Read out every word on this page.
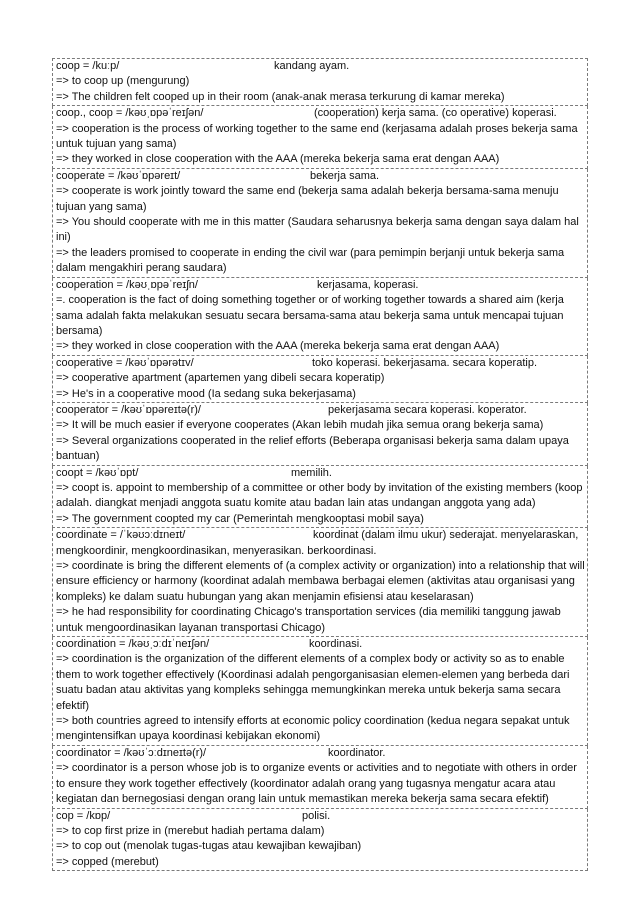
coop = /kuːp/	kandang ayam.
=> to coop up (mengurung)
=> The children felt cooped up in their room (anak-anak merasa terkurung di kamar mereka)
coop., coop = /kəʊˌɒpəˈreɪʃən/	(cooperation) kerja sama. (co operative) koperasi.
=> cooperation is the process of working together to the same end (kerjasama adalah proses bekerja sama untuk tujuan yang sama)
=> they worked in close cooperation with the AAA (mereka bekerja sama erat dengan AAA)
cooperate = /kəʊˈɒpəreɪt/	bekerja sama.
=> cooperate is work jointly toward the same end (bekerja sama adalah bekerja bersama-sama menuju tujuan yang sama)
=> You should cooperate with me in this matter (Saudara seharusnya bekerja sama dengan saya dalam hal ini)
=> the leaders promised to cooperate in ending the civil war (para pemimpin berjanji untuk bekerja sama dalam mengakhiri perang saudara)
cooperation = /kəʊˌɒpəˈreɪʃn/	kerjasama, koperasi.
=. cooperation is the fact of doing something together or of working together towards a shared aim (kerja sama adalah fakta melakukan sesuatu secara bersama-sama atau bekerja sama untuk mencapai tujuan bersama)
=> they worked in close cooperation with the AAA (mereka bekerja sama erat dengan AAA)
cooperative = /kəʊˈɒpərətɪv/	toko koperasi. bekerjasama. secara koperatip.
=> cooperative apartment (apartemen yang dibeli secara koperatip)
=> He's in a cooperative mood (Ia sedang suka bekerjasama)
cooperator = /kəʊˈɒpəreɪtə(r)/	pekerjasama secara koperasi. koperator.
=> It will be much easier if everyone cooperates (Akan lebih mudah jika semua orang bekerja sama)
=> Several organizations cooperated in the relief efforts (Beberapa organisasi bekerja sama dalam upaya bantuan)
coopt = /kəʊˈɒpt/	memilih.
=> coopt is. appoint to membership of a committee or other body by invitation of the existing members (koop adalah. diangkat menjadi anggota suatu komite atau badan lain atas undangan anggota yang ada)
=> The government coopted my car (Pemerintah mengkooptasi mobil saya)
coordinate = /ˈkəʊɔːdɪneɪt/	koordinat (dalam ilmu ukur) sederajat. menyelaraskan,
mengkoordinir, mengkoordinasikan, menyerasikan. berkoordinasi.
=> coordinate is bring the different elements of (a complex activity or organization) into a relationship that will ensure efficiency or harmony (koordinat adalah membawa berbagai elemen (aktivitas atau organisasi yang kompleks) ke dalam suatu hubungan yang akan menjamin efisiensi atau keselarasan)
=> he had responsibility for coordinating Chicago's transportation services (dia memiliki tanggung jawab untuk mengoordinasikan layanan transportasi Chicago)
coordination = /kəʊˌɔːdɪˈneɪʃən/	koordinasi.
=> coordination is the organization of the different elements of a complex body or activity so as to enable them to work together effectively (Koordinasi adalah pengorganisasian elemen-elemen yang berbeda dari suatu badan atau aktivitas yang kompleks sehingga memungkinkan mereka untuk bekerja sama secara efektif)
=> both countries agreed to intensify efforts at economic policy coordination (kedua negara sepakat untuk mengintensifkan upaya koordinasi kebijakan ekonomi)
coordinator = /kəʊˈɔːdɪneɪtə(r)/	koordinator.
=> coordinator is a person whose job is to organize events or activities and to negotiate with others in order to ensure they work together effectively (koordinator adalah orang yang tugasnya mengatur acara atau kegiatan dan bernegosiasi dengan orang lain untuk memastikan mereka bekerja sama secara efektif)
cop = /kɒp/	polisi.
=> to cop first prize in (merebut hadiah pertama dalam)
=> to cop out (menolak tugas-tugas atau kewajiban kewajiban)
=> copped (merebut)
